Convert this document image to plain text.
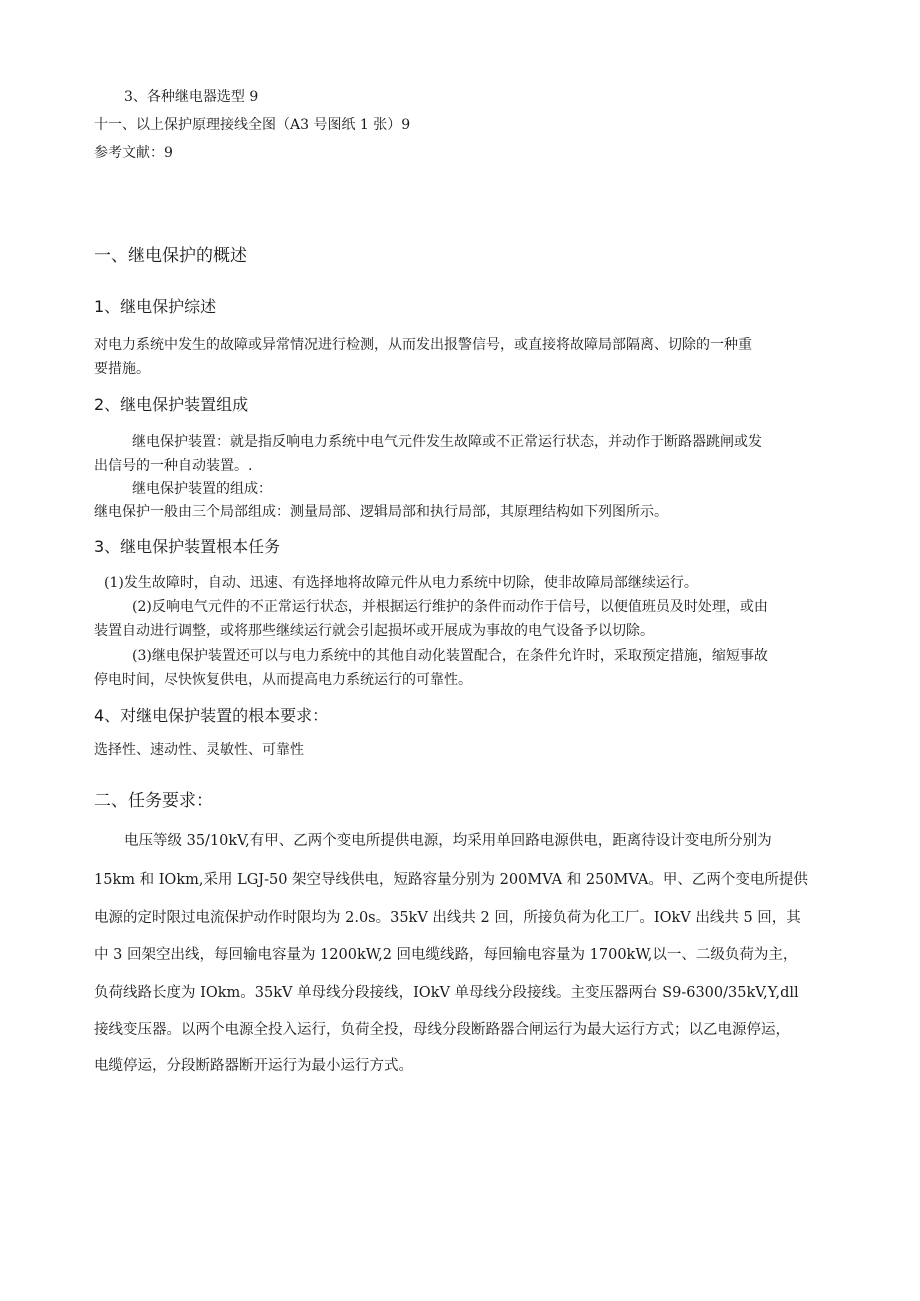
3、各种继电器选型 9
十一、以上保护原理接线全图（A3 号图纸 1 张）9
参考文献：9
一、继电保护的概述
1、继电保护综述
对电力系统中发生的故障或异常情况进行检测，从而发出报警信号，或直接将故障局部隔离、切除的一种重
要措施。
2、继电保护装置组成
继电保护装置：就是指反响电力系统中电气元件发生故障或不正常运行状态，并动作于断路器跳闸或发
出信号的一种自动装置。.
继电保护装置的组成：
继电保护一般由三个局部组成：测量局部、逻辑局部和执行局部，其原理结构如下列图所示。
3、继电保护装置根本任务
(1)发生故障时，自动、迅速、有选择地将故障元件从电力系统中切除，使非故障局部继续运行。
(2)反响电气元件的不正常运行状态，并根据运行维护的条件而动作于信号，以便值班员及时处理，或由
装置自动进行调整，或将那些继续运行就会引起损坏或开展成为事故的电气设备予以切除。
(3)继电保护装置还可以与电力系统中的其他自动化装置配合，在条件允许时，采取预定措施，缩短事故
停电时间，尽快恢复供电，从而提高电力系统运行的可靠性。
4、对继电保护装置的根本要求：
选择性、速动性、灵敏性、可靠性
二、任务要求：
电压等级 35/10kV,有甲、乙两个变电所提供电源，均采用单回路电源供电，距离待设计变电所分别为
15km 和 IOkm,采用 LGJ-50 架空导线供电，短路容量分别为 200MVA 和 250MVA。甲、乙两个变电所提供
电源的定时限过电流保护动作时限均为 2.0s。35kV 出线共 2 回，所接负荷为化工厂。IOkV 出线共 5 回，其
中 3 回架空出线，每回输电容量为 1200kW,2 回电缆线路，每回输电容量为 1700kW,以一、二级负荷为主，
负荷线路长度为 IOkm。35kV 单母线分段接线，IOkV 单母线分段接线。主变压器两台 S9-6300/35kV,Y,dll
接线变压器。以两个电源全投入运行，负荷全投，母线分段断路器合闸运行为最大运行方式；以乙电源停运，
电缆停运，分段断路器断开运行为最小运行方式。
